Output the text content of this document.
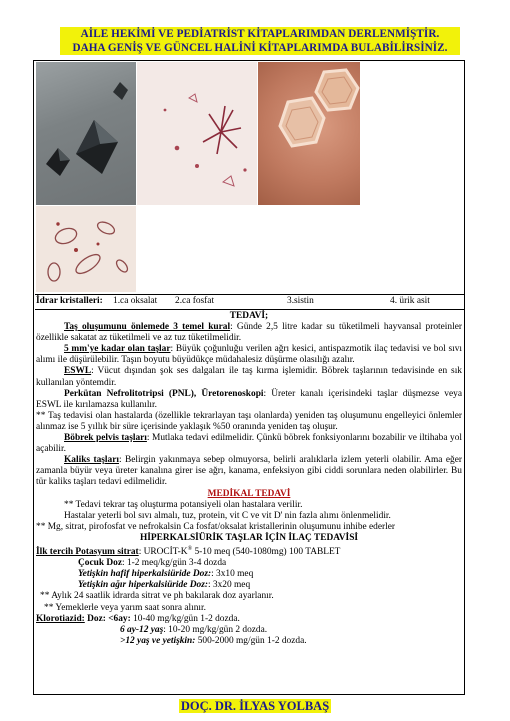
AİLE HEKİMİ VE PEDİATRİST KİTAPLARIMDAN DERLENMİŞTİR.
DAHA GENİŞ VE GÜNCEL HALİNİ KİTAPLARIMDA BULABİLİRSİNİZ.
İdrar kristalleri: 1.ca oksalat 2.ca fosfat	3.sistin	4. ürik asit

TEDAVİ;

Taş oluşumunu önlemede 3 temel kural: Günde 2,5 litre kadar su tüketilmeli hayvansal proteinler özellikle sakatat az tüketilmeli ve az tuz tüketilmelidir.

5 mm'ye kadar olan taşlar: Büyük çoğunluğu verilen ağrı kesici, antispazmotik ilaç tedavisi ve bol sıvı alımı ile düşürülebilir. Taşın boyutu büyüdükçe müdahalesiz düşürme olasılığı azalır.

ESWL: Vücut dışından şok ses dalgaları ile taş kırma işlemidir. Böbrek taşlarının tedavisinde en sık kullanılan yöntemdir.

Perkütan Nefrolitotripsi (PNL), Üretorenoskopi: Üreter kanalı içerisindeki taşlar düşmezse veya ESWL ile kırılamazsa kullanılır.

** Taş tedavisi olan hastalarda (özellikle tekrarlayan taşı olanlarda) yeniden taş oluşumunu engelleyici önlemler alınmaz ise 5 yıllık bir süre içerisinde yaklaşık %50 oranında yeniden taş oluşur.

Böbrek pelvis taşları: Mutlaka tedavi edilmelidir. Çünkü böbrek fonksiyonlarını bozabilir ve iltihaba yol açabilir.

Kaliks taşları: Belirgin yakınmaya sebep olmuyorsa, belirli aralıklarla izlem yeterli olabilir. Ama eğer zamanla büyür veya üreter kanalına girer ise ağrı, kanama, enfeksiyon gibi ciddi sorunlara neden olabilirler. Bu tür kaliks taşları tedavi edilmelidir.

MEDİKAL TEDAVİ

** Tedavi tekrar taş oluşturma potansiyeli olan hastalara verilir.

Hastalar yeterli bol sıvı almalı, tuz, protein, vit C ve vit D' nin fazla alımı önlenmelidir.

** Mg, sitrat, pirofosfat ve nefrokalsin Ca fosfat/oksalat kristallerinin oluşumunu inhibe ederler

HİPERKALSİÜRİK TAŞLAR İÇİN İLAÇ TEDAVİSİ

İlk tercih Potasyum sitrat: UROCİT-K® 5-10 meq (540-1080mg) 100 TABLET

Çocuk Doz: 1-2 meq/kg/gün 3-4 dozda

Yetişkin hafif hiperkalsiüride Doz:: 3x10 meq

Yetişkin ağır hiperkalsiüride Doz:: 3x20 meq

** Aylık 24 saatlik idrarda sitrat ve ph bakılarak doz ayarlanır.

** Yemeklerle veya yarım saat sonra alınır.

Klorotiazid: Doz: <6ay: 10-40 mg/kg/gün 1-2 dozda.

6 ay-12 yaş: 10-20 mg/kg/gün 2 dozda.

>12 yaş ve yetişkin: 500-2000 mg/gün 1-2 dozda.

DOÇ. DR. İLYAS YOLBAŞ
